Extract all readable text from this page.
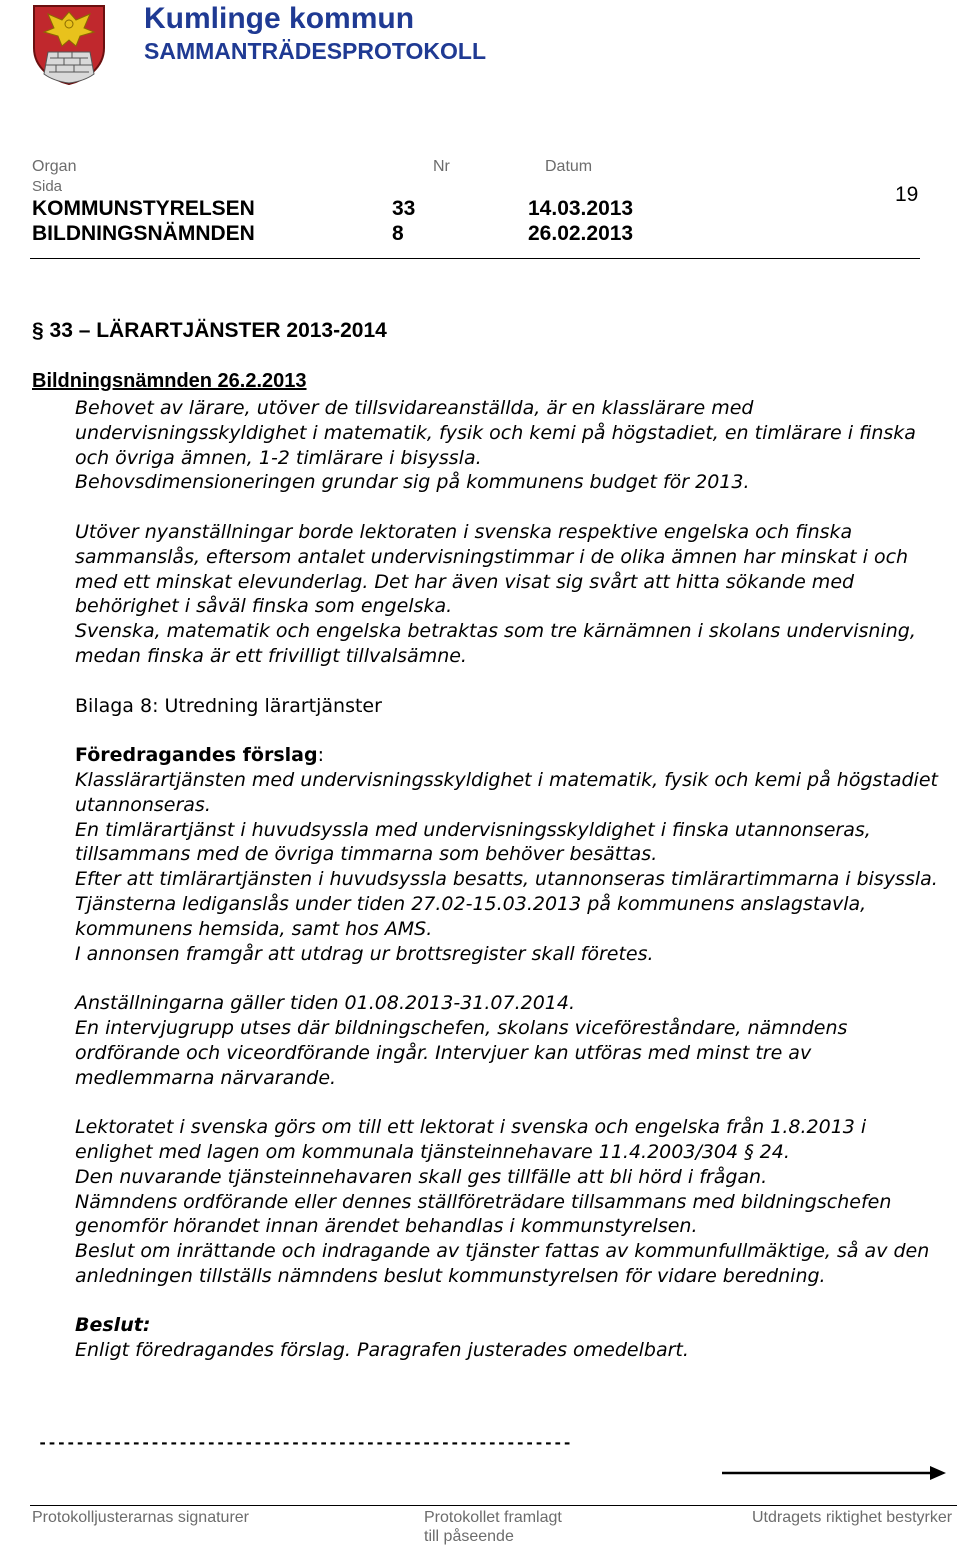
Kumlinge kommun
SAMMANTRÄDESPROTOKOLL
Organ	Nr	Datum
Sida
KOMMUNSTYRELSEN	33	14.03.2013
BILDNINGSNÄMNDEN	8	26.02.2013
19
§ 33 – LÄRARTJÄNSTER 2013-2014
Bildningsnämnden 26.2.2013

Behovet av lärare, utöver de tillsvidareanställda, är en klasslärare med undervisningsskyldighet i matematik, fysik och kemi på högstadiet, en timlärare i finska och övriga ämnen, 1-2 timlärare i bisyssla.

Behovsdimensioneringen grundar sig på kommunens budget för 2013.

Utöver nyanställningar borde lektoraten i svenska respektive engelska och finska sammanslås, eftersom antalet undervisningstimmar i de olika ämnen har minskat i och med ett minskat elevunderlag. Det har även visat sig svårt att hitta sökande med behörighet i såväl finska som engelska.

Svenska, matematik och engelska betraktas som tre kärnämnen i skolans undervisning, medan finska är ett frivilligt tillvalsämne.

Bilaga 8: Utredning lärartjänster

Föredragandes förslag:

Klasslärartjänsten med undervisningsskyldighet i matematik, fysik och kemi på högstadiet utannonseras.

En timlärartjänst i huvudsyssla med undervisningsskyldighet i finska utannonseras, tillsammans med de övriga timmarna som behöver besättas.

Efter att timlärartjänsten i huvudsyssla besatts, utannonseras timlärartimmarna i bisyssla.

Tjänsterna lediganslås under tiden 27.02-15.03.2013 på kommunens anslagstavla, kommunens hemsida, samt hos AMS.

I annonsen framgår att utdrag ur brottsregister skall företes.

Anställningarna gäller tiden 01.08.2013-31.07.2014.

En intervjugrupp utses där bildningschefen, skolans viceföreståndare, nämndens ordförande och viceordförande ingår. Intervjuer kan utföras med minst tre av medlemmarna närvarande.

Lektoratet i svenska görs om till ett lektorat i svenska och engelska från 1.8.2013 i enlighet med lagen om kommunala tjänsteinnehavare 11.4.2003/304 § 24.

Den nuvarande tjänsteinnehavaren skall ges tillfälle att bli hörd i frågan.

Nämndens ordförande eller dennes ställföreträdare tillsammans med bildningschefen genomför hörandet innan ärendet behandlas i kommunstyrelsen.

Beslut om inrättande och indragande av tjänster fattas av kommunfullmäktige, så av den anledningen tillställs nämndens beslut kommunstyrelsen för vidare beredning.

Beslut:

Enligt föredragandes förslag. Paragrafen justerades omedelbart.

---------------------------------------------------------
Protokolljusterarnas signaturer	Protokollet framlagt
till påseende
Utdragets riktighet bestyrker
